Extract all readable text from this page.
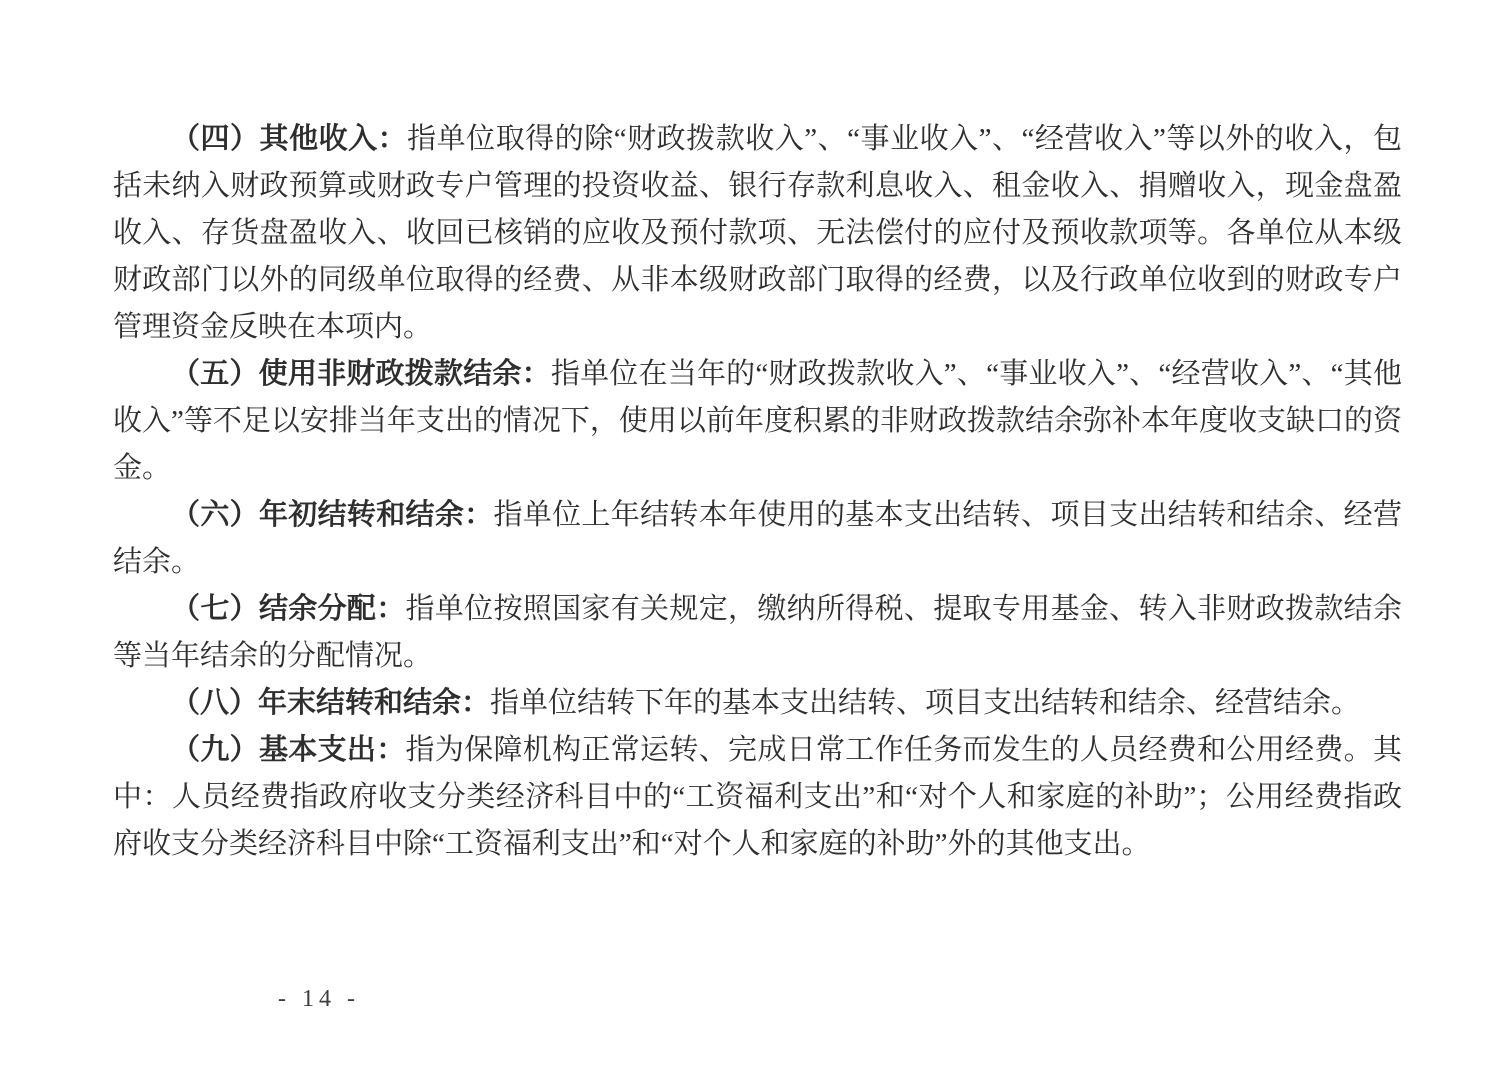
（四）其他收入：指单位取得的除“财政拨款收入”、“事业收入”、“经营收入”等以外的收入，包括未纳入财政预算或财政专户管理的投资收益、银行存款利息收入、租金收入、捐赠收入，现金盘盈收入、存货盘盈收入、收回已核销的应收及预付款项、无法偿付的应付及预收款项等。各单位从本级财政部门以外的同级单位取得的经费、从非本级财政部门取得的经费，以及行政单位收到的财政专户管理资金反映在本项内。

（五）使用非财政拨款结余：指单位在当年的“财政拨款收入”、“事业收入”、“经营收入”、“其他收入”等不足以安排当年支出的情况下，使用以前年度积累的非财政拨款结余弥补本年度收支缺口的资金。

（六）年初结转和结余：指单位上年结转本年使用的基本支出结转、项目支出结转和结余、经营结余。

（七）结余分配：指单位按照国家有关规定，缴纳所得税、提取专用基金、转入非财政拨款结余等当年结余的分配情况。

（八）年末结转和结余：指单位结转下年的基本支出结转、项目支出结转和结余、经营结余。

（九）基本支出：指为保障机构正常运转、完成日常工作任务而发生的人员经费和公用经费。其中：人员经费指政府收支分类经济科目中的“工资福利支出”和“对个人和家庭的补助”；公用经费指政府收支分类经济科目中除“工资福利支出”和“对个人和家庭的补助”外的其他支出。

- 14 -
